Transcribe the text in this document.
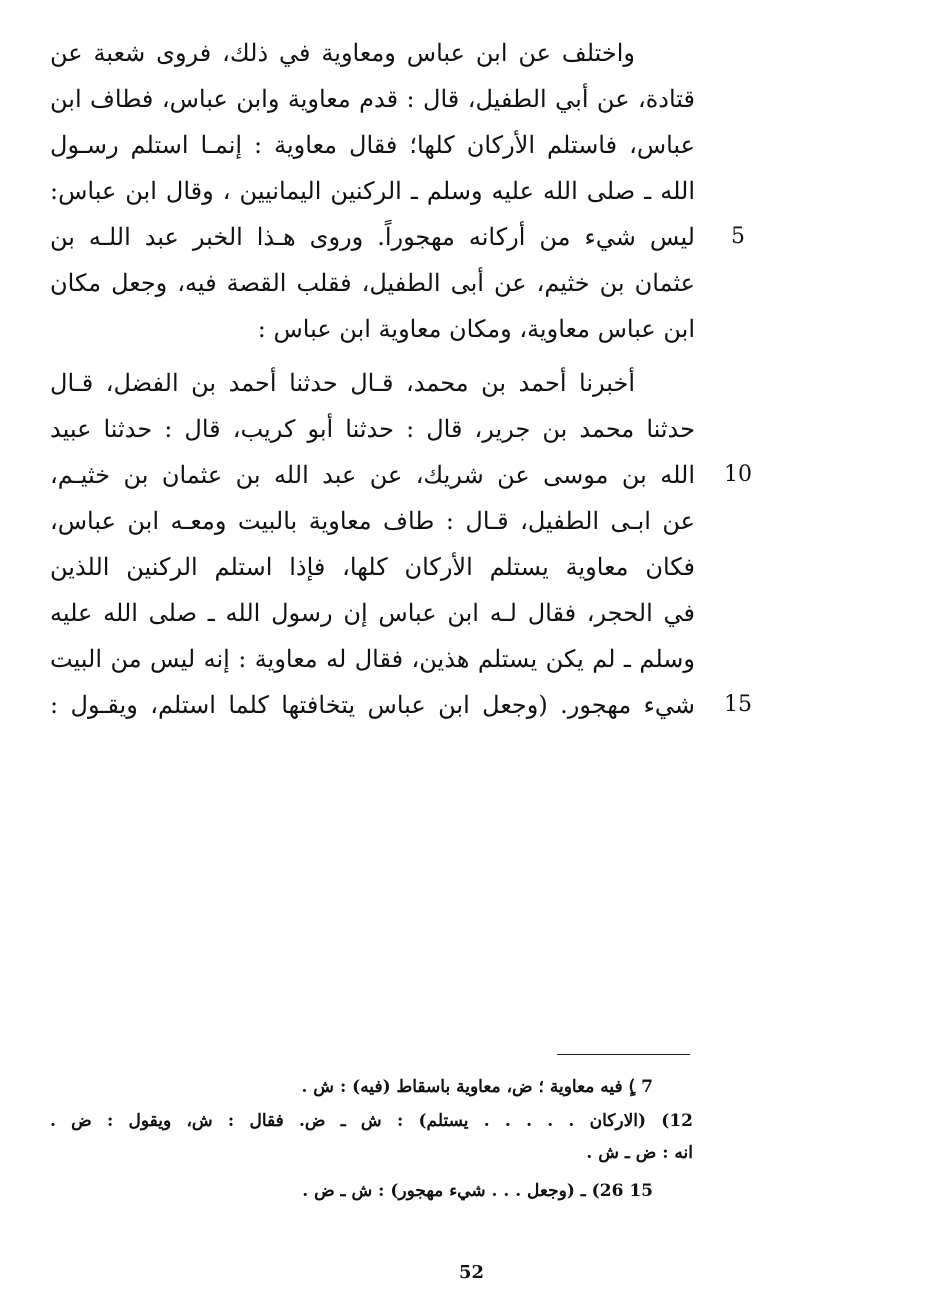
واختلف عن ابن عباس ومعاوية في ذلك، فروى شعبة عن
قتادة، عن أبي الطفيل، قال : قدم معاوية وابن عباس، فطاف ابن
عباس، فاستلم الأركان كلها؛ فقال معاوية : إنمـا استلم رسـول
الله ـ صلى الله عليه وسلم ـ الركنين اليمانيين ، وقال ابن عباس:
ليس شيء من أركانه مهجوراً. وروى هـذا الخبر عبد اللـه بن
عثمان بن خثيم، عن أبى الطفيل، فقلب القصة فيه، وجعل مكان
ابن عباس معاوية، ومكان معاوية ابن عباس :
أخبرنا أحمد بن محمد، قـال حدثنا أحمد بن الفضل، قـال
حدثنا محمد بن جرير، قال : حدثنا أبو كريب، قال : حدثنا عبيد
الله بن موسى عن شريك، عن عبد الله بن عثمان بن خثيـم،
عن ابـى الطفيل، قـال : طاف معاوية بالبيت ومعـه ابن عباس،
فكان معاوية يستلم الأركان كلها، فإذا استلم الركنين اللذين
في الحجر، فقال لـه ابن عباس إن رسول الله ـ صلى الله عليه
وسلم ـ لم يكن يستلم هذين، فقال له معاوية : إنه ليس من البيت
شيء مهجور. (وجعل ابن عباس يتخافتها كلما استلم، ويقـول :
5
10
15
7 )ٍ فيه معاوية ؛ ض، معاوية باسقاط (فيه) : ش .
12) (الاركان . . . . . يستلم) : ش ـ ض. فقال : ش، ويقول : ض .
انه : ض ـ ش .
15 26) ـ (وجعل . . . شيء مهجور) : ش ـ ض .
52
